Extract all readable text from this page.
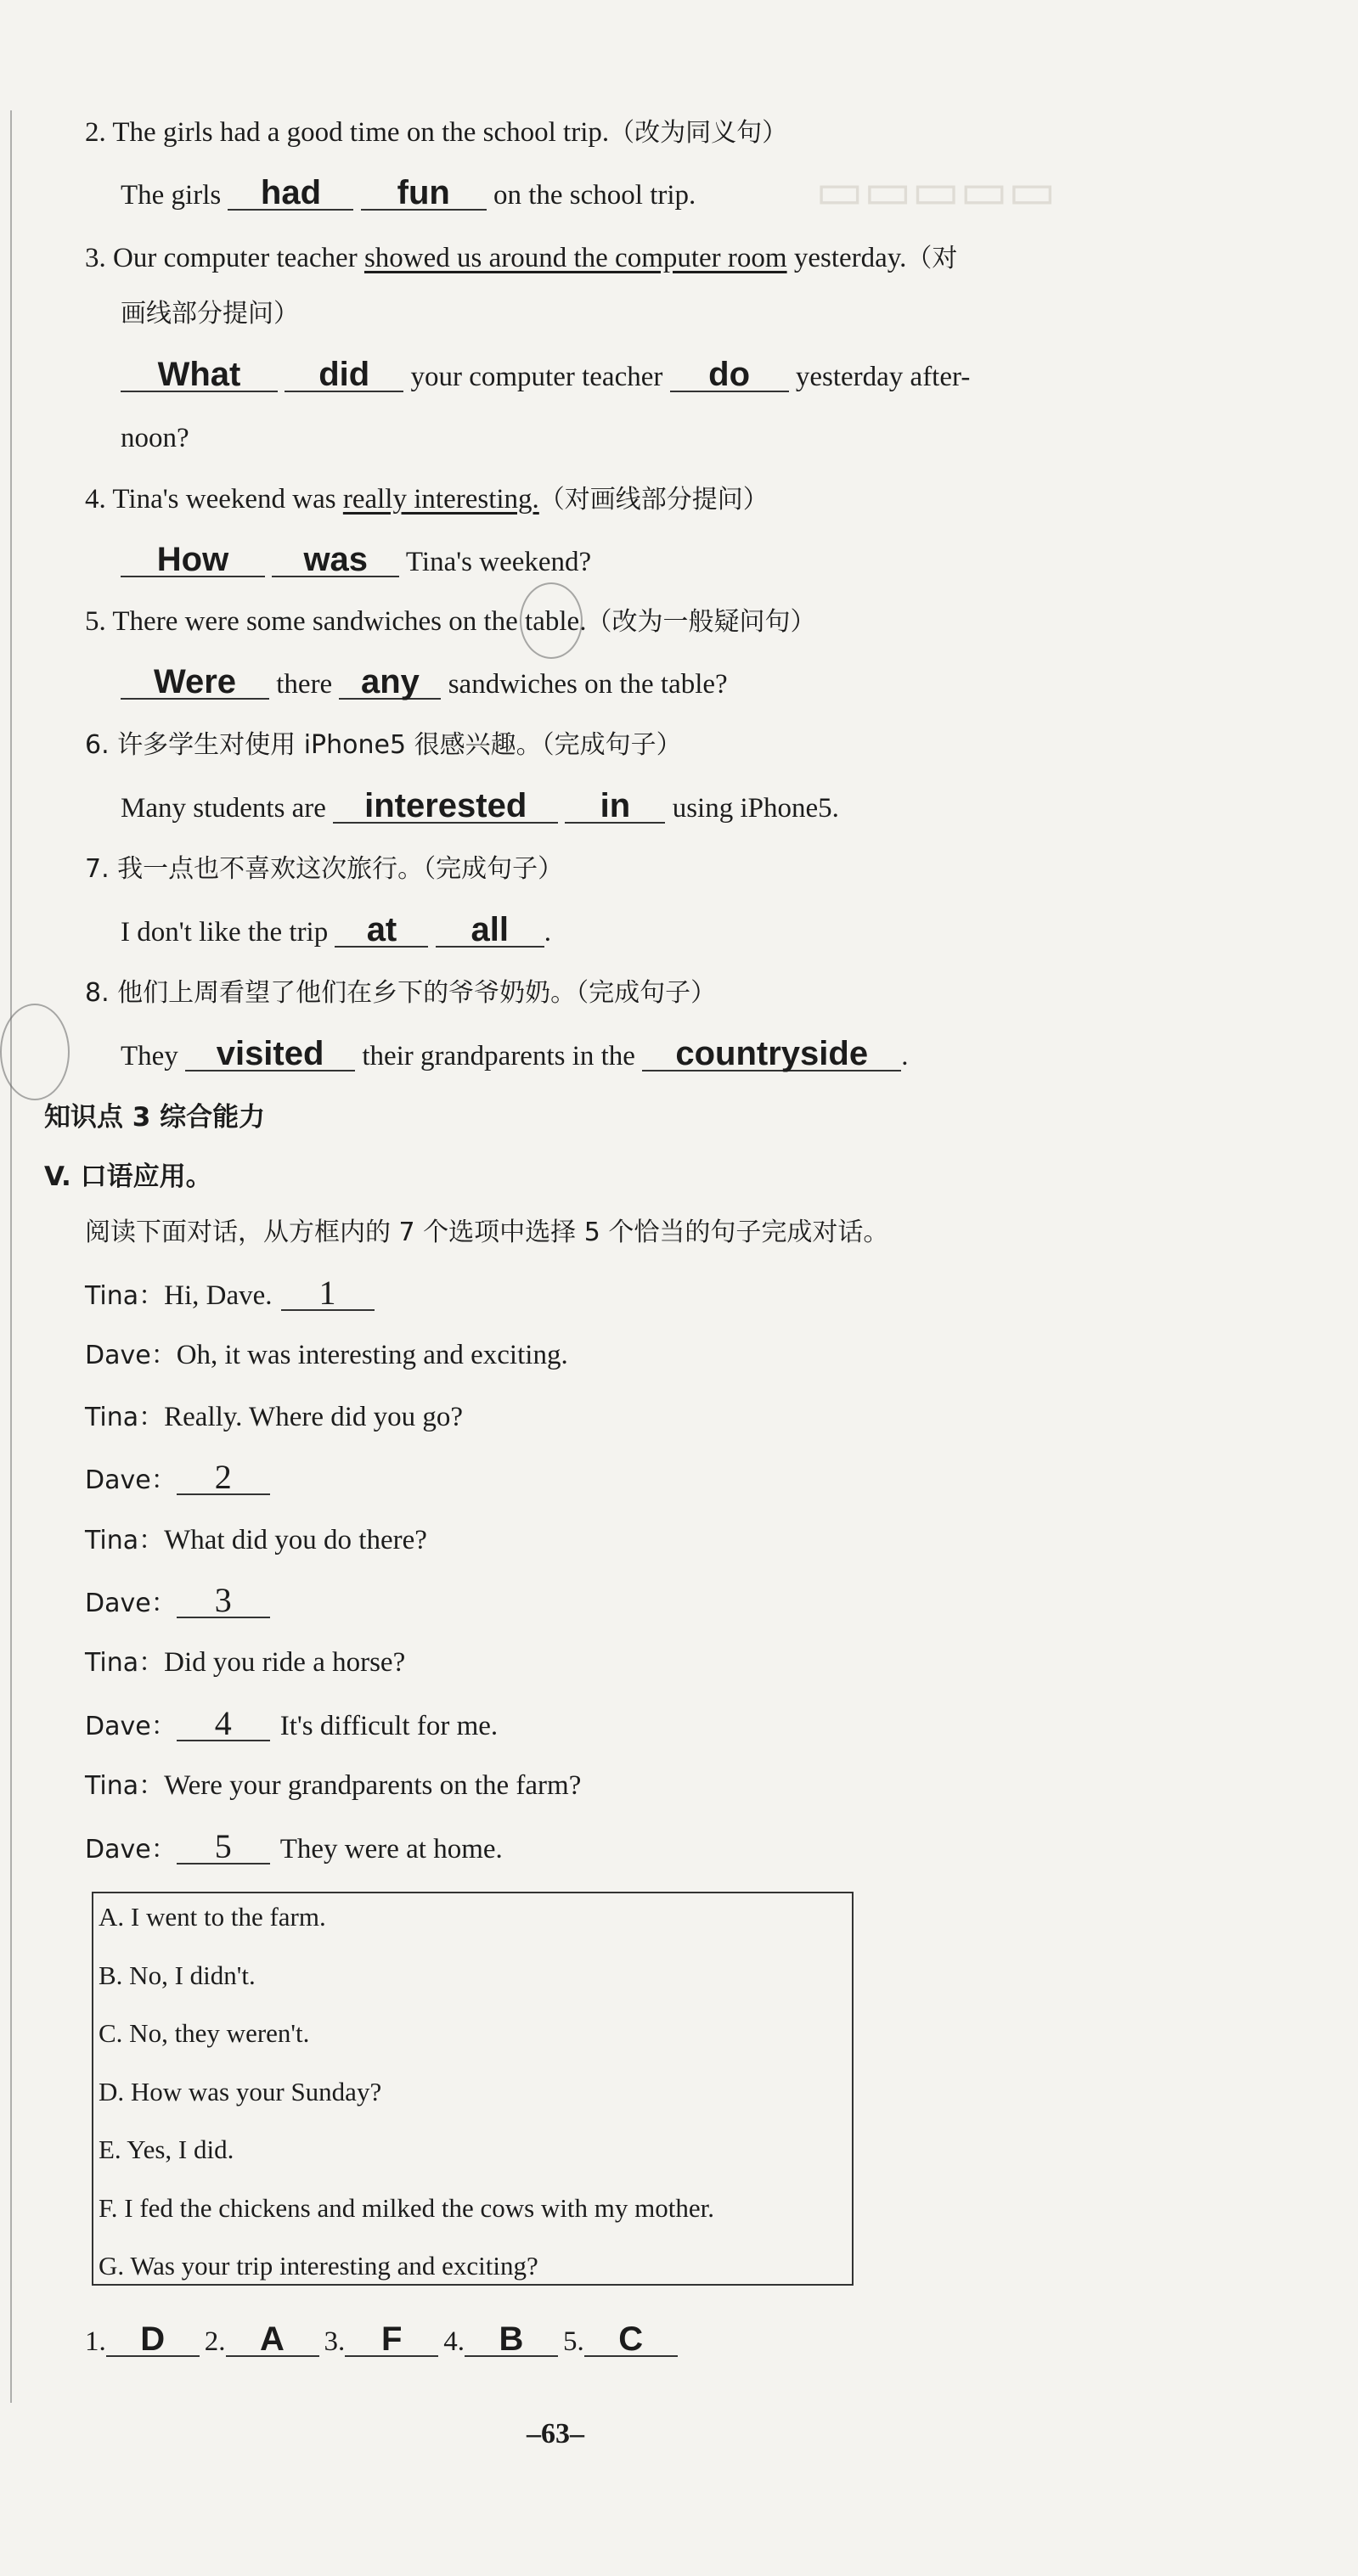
▭▭▭▭▭
2. The girls had a good time on the school trip.（改为同义句）
The girls had fun on the school trip.
3. Our computer teacher showed us around the computer room yesterday.（对
画线部分提问）
What did your computer teacher do yesterday after-
noon?
4. Tina's weekend was really interesting.（对画线部分提问）
How was Tina's weekend?
5. There were some sandwiches on the table.（改为一般疑问句）
Were there any sandwiches on the table?
6. 许多学生对使用 iPhone5 很感兴趣。（完成句子）
Many students are interested in using iPhone5.
7. 我一点也不喜欢这次旅行。（完成句子）
I don't like the trip at all .
8. 他们上周看望了他们在乡下的爷爷奶奶。（完成句子）
They visited their grandparents in the countryside .
知识点 3 综合能力
V. 口语应用。
阅读下面对话，从方框内的 7 个选项中选择 5 个恰当的句子完成对话。
Tina：Hi, Dave. 1
Dave：Oh, it was interesting and exciting.
Tina：Really. Where did you go?
Dave： 2
Tina：What did you do there?
Dave： 3
Tina：Did you ride a horse?
Dave： 4 It's difficult for me.
Tina：Were your grandparents on the farm?
Dave： 5 They were at home.
A. I went to the farm.
B. No, I didn't.
C. No, they weren't.
D. How was your Sunday?
E. Yes, I did.
F. I fed the chickens and milked the cows with my mother.
G. Was your trip interesting and exciting?
1. D 2. A 3. F 4. B 5. C
–63–
